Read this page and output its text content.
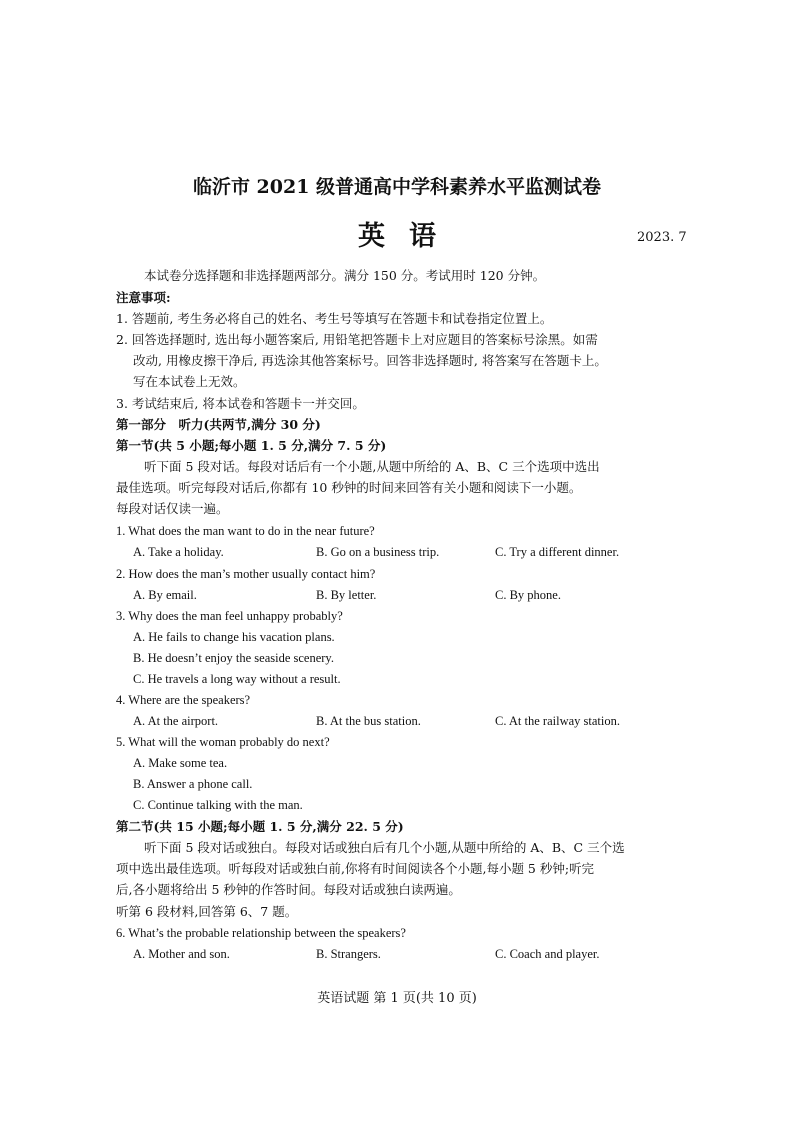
临沂市 2021 级普通高中学科素养水平监测试卷
英语	2023. 7
本试卷分选择题和非选择题两部分。满分 150 分。考试用时 120 分钟。
注意事项:
1. 答题前, 考生务必将自己的姓名、考生号等填写在答题卡和试卷指定位置上。
2. 回答选择题时, 选出每小题答案后, 用铅笔把答题卡上对应题目的答案标号涂黑。如需
改动, 用橡皮擦干净后, 再选涂其他答案标号。回答非选择题时, 将答案写在答题卡上。
写在本试卷上无效。
3. 考试结束后, 将本试卷和答题卡一并交回。
第一部分　听力(共两节,满分 30 分)
第一节(共 5 小题;每小题 1. 5 分,满分 7. 5 分)
听下面 5 段对话。每段对话后有一个小题,从题中所给的 A、B、C 三个选项中选出
最佳选项。听完每段对话后,你都有 10 秒钟的时间来回答有关小题和阅读下一小题。
每段对话仅读一遍。
1. What does the man want to do in the near future?
A. Take a holiday.	B. Go on a business trip.	C. Try a different dinner.
2. How does the man’s mother usually contact him?
A. By email.	B. By letter.	C. By phone.
3. Why does the man feel unhappy probably?
A. He fails to change his vacation plans.
B. He doesn’t enjoy the seaside scenery.
C. He travels a long way without a result.
4. Where are the speakers?
A. At the airport.	B. At the bus station.	C. At the railway station.
5. What will the woman probably do next?
A. Make some tea.
B. Answer a phone call.
C. Continue talking with the man.
第二节(共 15 小题;每小题 1. 5 分,满分 22. 5 分)
听下面 5 段对话或独白。每段对话或独白后有几个小题,从题中所给的 A、B、C 三个选
项中选出最佳选项。听每段对话或独白前,你将有时间阅读各个小题,每小题 5 秒钟;听完
后,各小题将给出 5 秒钟的作答时间。每段对话或独白读两遍。
听第 6 段材料,回答第 6、7 题。
6. What’s the probable relationship between the speakers?
A. Mother and son.	B. Strangers.	C. Coach and player.
英语试题 第 1 页(共 10 页)
